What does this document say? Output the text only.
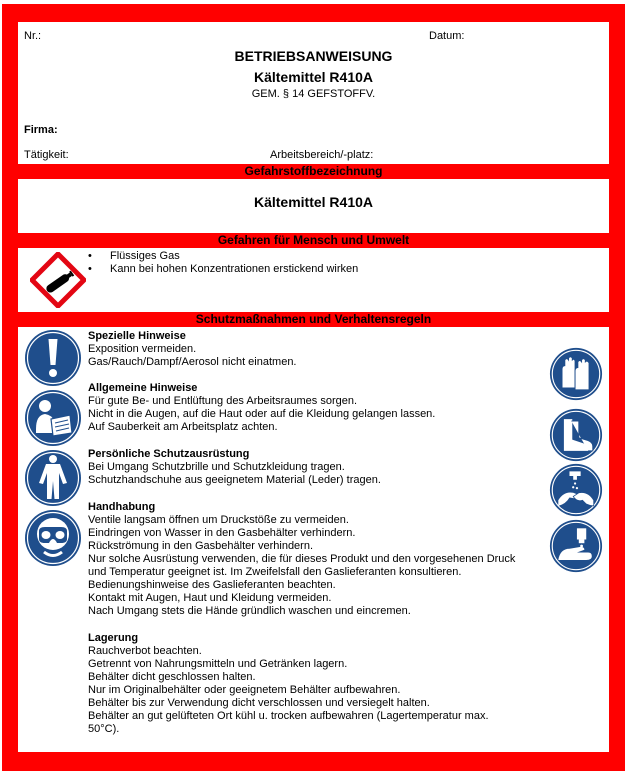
Nr.:	Datum:
BETRIEBSANWEISUNG
Kältemittel R410A
GEM. § 14 GEFSTOFFV.
Firma:
Tätigkeit:	Arbeitsbereich/-platz:
Gefahrstoffbezeichnung
Kältemittel R410A
Gefahren für Mensch und Umwelt
• Flüssiges Gas
• Kann bei hohen Konzentrationen erstickend wirken
Schutzmaßnahmen und Verhaltensregeln
Spezielle Hinweise
Exposition vermeiden.
Gas/Rauch/Dampf/Aerosol nicht einatmen.
Allgemeine Hinweise
Für gute Be- und Entlüftung des Arbeitsraumes sorgen.
Nicht in die Augen, auf die Haut oder auf die Kleidung gelangen lassen.
Auf Sauberkeit am Arbeitsplatz achten.
Persönliche Schutzausrüstung
Bei Umgang Schutzbrille und Schutzkleidung tragen.
Schutzhandschuhe aus geeignetem Material (Leder) tragen.
Handhabung
Ventile langsam öffnen um Druckstöße zu vermeiden.
Eindringen von Wasser in den Gasbehälter verhindern.
Rückströmung in den Gasbehälter verhindern.
Nur solche Ausrüstung verwenden, die für dieses Produkt und den vorgesehenen Druck
und Temperatur geeignet ist. Im Zweifelsfall den Gaslieferanten konsultieren.
Bedienungshinweise des Gaslieferanten beachten.
Kontakt mit Augen, Haut und Kleidung vermeiden.
Nach Umgang stets die Hände gründlich waschen und eincremen.
Lagerung
Rauchverbot beachten.
Getrennt von Nahrungsmitteln und Getränken lagern.
Behälter dicht geschlossen halten.
Nur im Originalbehälter oder geeignetem Behälter aufbewahren.
Behälter bis zur Verwendung dicht verschlossen und versiegelt halten.
Behälter an gut gelüfteten Ort kühl u. trocken aufbewahren (Lagertemperatur max.
50°C).
